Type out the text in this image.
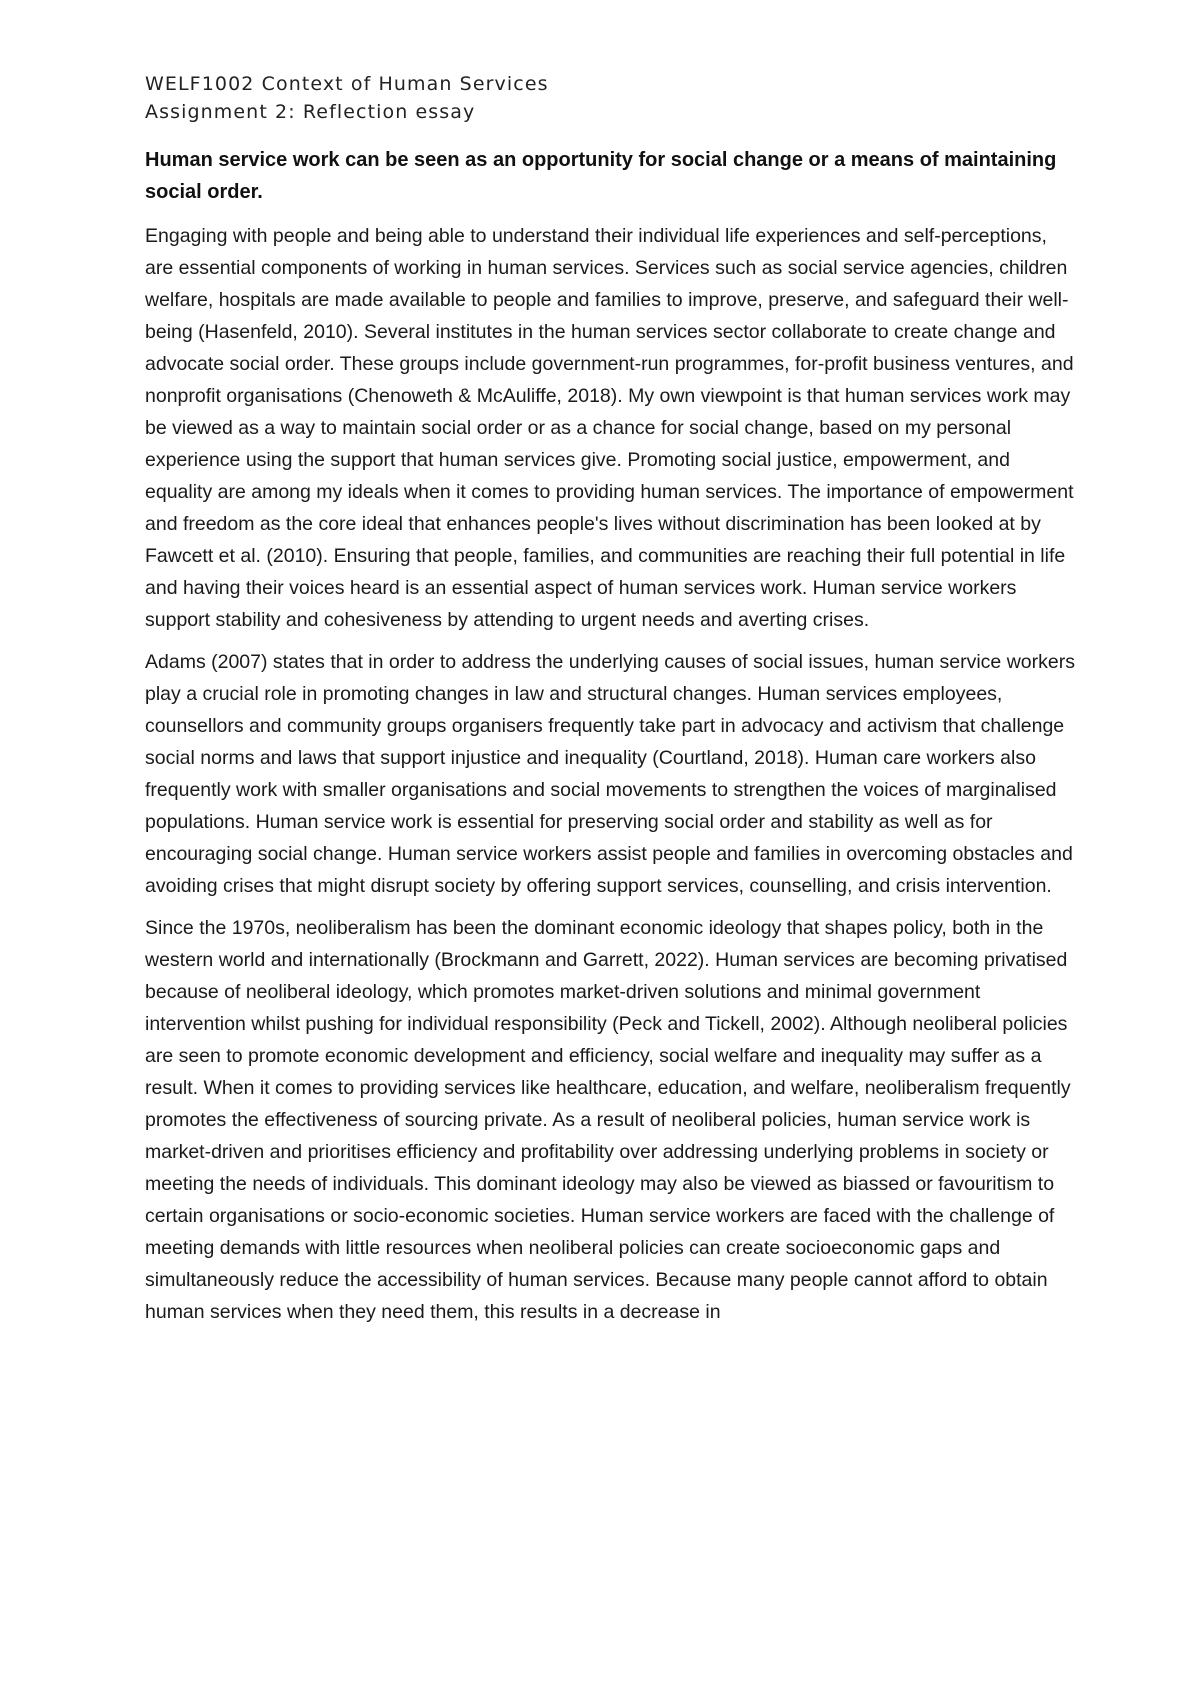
WELF1002 Context of Human Services

Assignment 2: Reflection essay

Human service work can be seen as an opportunity for social change or a means of maintaining social order.

Engaging with people and being able to understand their individual life experiences and self-perceptions, are essential components of working in human services. Services such as social service agencies, children welfare, hospitals are made available to people and families to improve, preserve, and safeguard their well-being (Hasenfeld, 2010). Several institutes in the human services sector collaborate to create change and advocate social order. These groups include government-run programmes, for-profit business ventures, and nonprofit organisations (Chenoweth & McAuliffe, 2018). My own viewpoint is that human services work may be viewed as a way to maintain social order or as a chance for social change, based on my personal experience using the support that human services give. Promoting social justice, empowerment, and equality are among my ideals when it comes to providing human services. The importance of empowerment and freedom as the core ideal that enhances people's lives without discrimination has been looked at by Fawcett et al. (2010). Ensuring that people, families, and communities are reaching their full potential in life and having their voices heard is an essential aspect of human services work. Human service workers support stability and cohesiveness by attending to urgent needs and averting crises.

Adams (2007) states that in order to address the underlying causes of social issues, human service workers play a crucial role in promoting changes in law and structural changes. Human services employees, counsellors and community groups organisers frequently take part in advocacy and activism that challenge social norms and laws that support injustice and inequality (Courtland, 2018). Human care workers also frequently work with smaller organisations and social movements to strengthen the voices of marginalised populations. Human service work is essential for preserving social order and stability as well as for encouraging social change. Human service workers assist people and families in overcoming obstacles and avoiding crises that might disrupt society by offering support services, counselling, and crisis intervention.

Since the 1970s, neoliberalism has been the dominant economic ideology that shapes policy, both in the western world and internationally (Brockmann and Garrett, 2022). Human services are becoming privatised because of neoliberal ideology, which promotes market-driven solutions and minimal government intervention whilst pushing for individual responsibility (Peck and Tickell, 2002). Although neoliberal policies are seen to promote economic development and efficiency, social welfare and inequality may suffer as a result. When it comes to providing services like healthcare, education, and welfare, neoliberalism frequently promotes the effectiveness of sourcing private. As a result of neoliberal policies, human service work is market-driven and prioritises efficiency and profitability over addressing underlying problems in society or meeting the needs of individuals. This dominant ideology may also be viewed as biassed or favouritism to certain organisations or socio-economic societies. Human service workers are faced with the challenge of meeting demands with little resources when neoliberal policies can create socioeconomic gaps and simultaneously reduce the accessibility of human services. Because many people cannot afford to obtain human services when they need them, this results in a decrease in
